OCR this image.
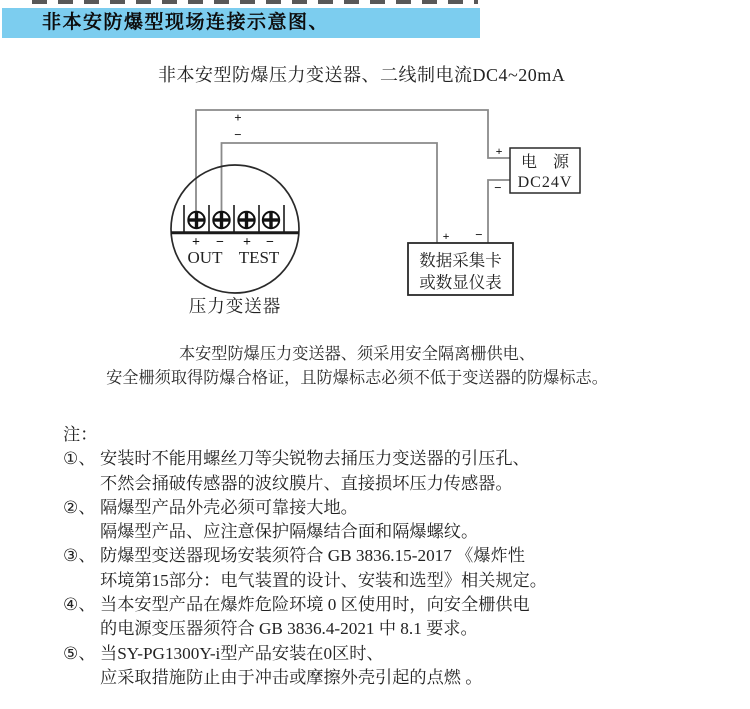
非本安防爆型现场连接示意图、
非本安型防爆压力变送器、二线制电流DC4~20mA
+ − + −
OUT TEST
压力变送器
+
−
电　源
DC24V
+
−
数据采集卡
或数显仪表
+ −
本安型防爆压力变送器、须采用安全隔离栅供电、
安全栅须取得防爆合格证，且防爆标志必须不低于变送器的防爆标志。

注：

①、 安装时不能用螺丝刀等尖锐物去捅压力变送器的引压孔、
不然会捅破传感器的波纹膜片、直接损坏压力传感器。
②、 隔爆型产品外壳必须可靠接大地。
隔爆型产品、应注意保护隔爆结合面和隔爆螺纹。
③、 防爆型变送器现场安装须符合 GB 3836.15-2017 《爆炸性
环境第15部分：电气装置的设计、安装和选型》相关规定。
④、 当本安型产品在爆炸危险环境 0 区使用时，向安全栅供电
的电源变压器须符合 GB 3836.4-2021 中 8.1 要求。
⑤、 当SY-PG1300Y-i型产品安装在0区时、
应采取措施防止由于冲击或摩擦外壳引起的点燃 。
